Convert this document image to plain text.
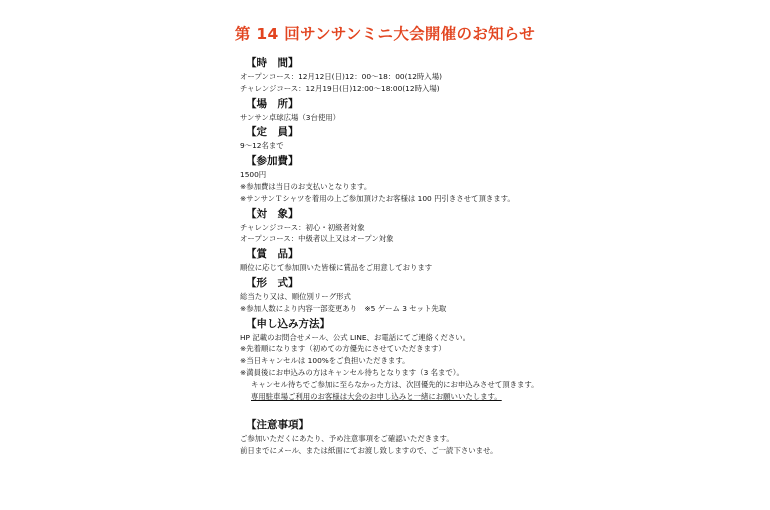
第 14 回サンサンミニ大会開催のお知らせ
【時　間】
オープンコース：12月12日(日)12：00～18：00(12時入場)
チャレンジコース：12月19日(日)12:00～18:00(12時入場)
【場　所】
サンサン卓球広場（3台使用）
【定　員】
9～12名まで
【参加費】
1500円
※参加費は当日のお支払いとなります。
※サンサンＴシャツを着用の上ご参加頂けたお客様は 100 円引きさせて頂きます。
【対　象】
チャレンジコース：初心・初級者対象
オープンコース：中級者以上又はオープン対象
【賞　品】
順位に応じて参加頂いた皆様に賞品をご用意しております
【形　式】
総当たり又は、順位別リーグ形式
※参加人数により内容一部変更あり　※5 ゲーム 3 セット先取
【申し込み方法】
HP 記載のお問合せメール、公式 LINE、お電話にてご連絡ください。
※先着順になります（初めての方優先にさせていただきます）
※当日キャンセルは 100%をご負担いただきます。
※満員後にお申込みの方はキャンセル待ちとなります（3 名まで）。
キャンセル待ちでご参加に至らなかった方は、次回優先的にお申込みさせて頂きます。
専用駐車場ご利用のお客様は大会のお申し込みと一緒にお願いいたします。
【注意事項】
ご参加いただくにあたり、予め注意事項をご確認いただきます。
前日までにメール、または紙面にてお渡し致しますので、ご一読下さいませ。
